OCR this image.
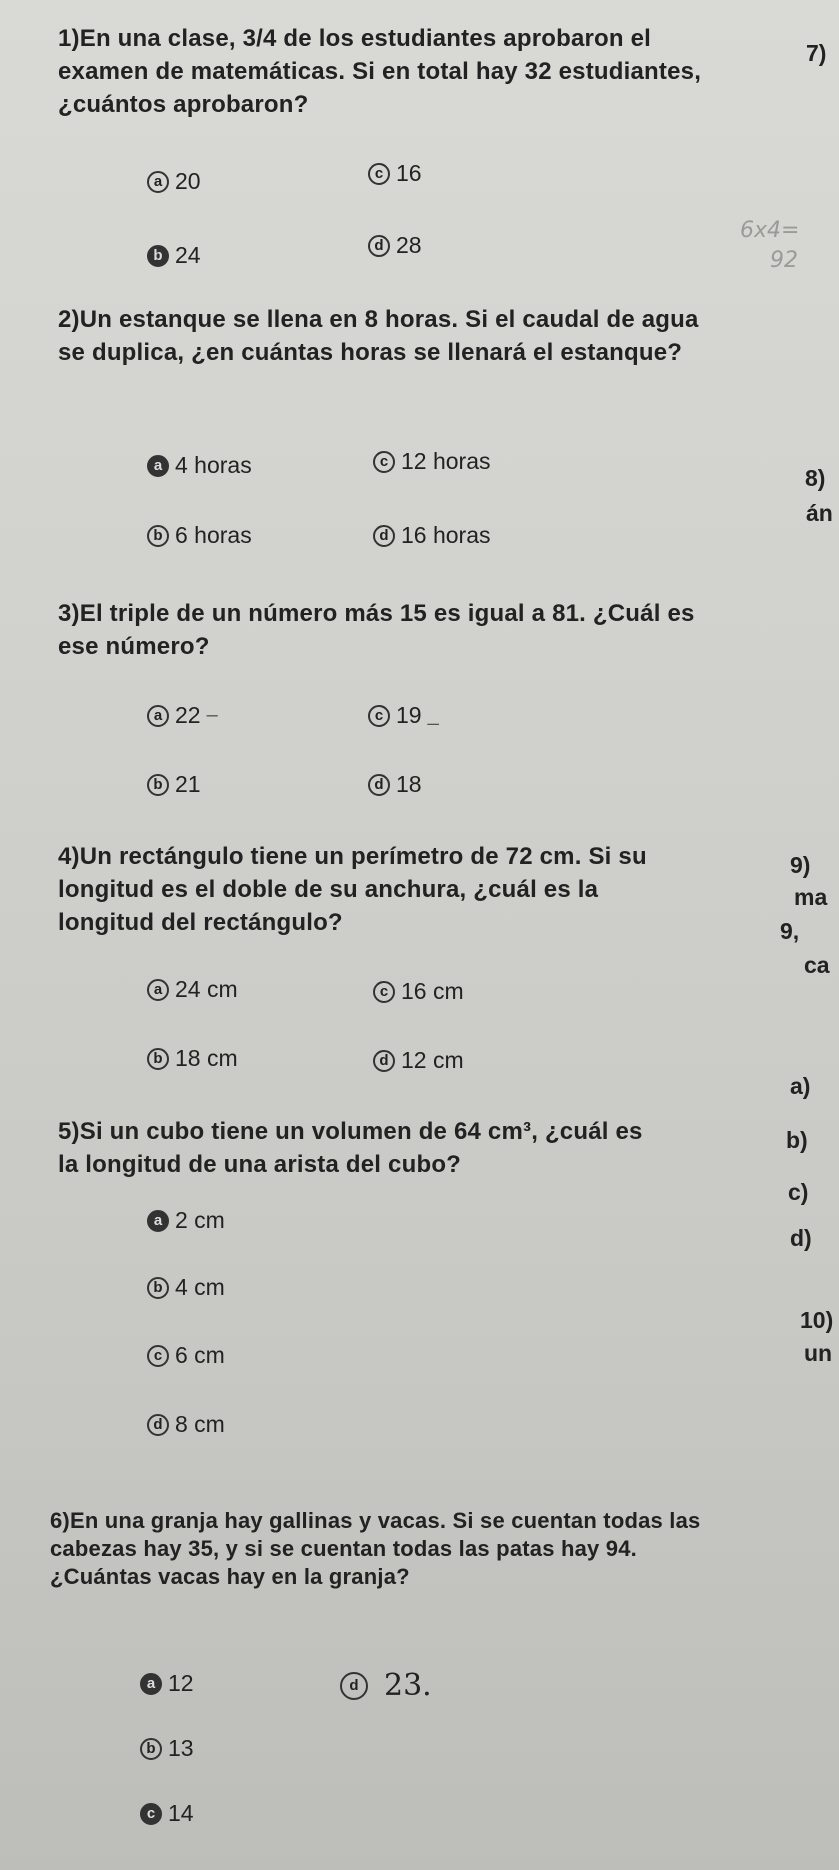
1)En una clase, 3/4 de los estudiantes aprobaron el examen de matemáticas. Si en total hay 32 estudiantes, ¿cuántos aprobaron?
a 20	c 16
b 24	d 28
2)Un estanque se llena en 8 horas. Si el caudal de agua se duplica, ¿en cuántas horas se llenará el estanque?
a 4 horas	c 12 horas
b 6 horas	d 16 horas
3)El triple de un número más 15 es igual a 81. ¿Cuál es ese número?
a 22 –	c 19 _
b 21	d 18
4)Un rectángulo tiene un perímetro de 72 cm. Si su longitud es el doble de su anchura, ¿cuál es la longitud del rectángulo?
a 24 cm	c 16 cm
b 18 cm	d 12 cm
5)Si un cubo tiene un volumen de 64 cm³, ¿cuál es la longitud de una arista del cubo?
a 2 cm
b 4 cm
c 6 cm
d 8 cm
6)En una granja hay gallinas y vacas. Si se cuentan todas las cabezas hay 35, y si se cuentan todas las patas hay 94. ¿Cuántas vacas hay en la granja?
a 12	d 23.
b 13
c 14
7)
8)
án
9)
ma
9,
ca
a)
b)
c)
d)
10)
un
6x4=
92
